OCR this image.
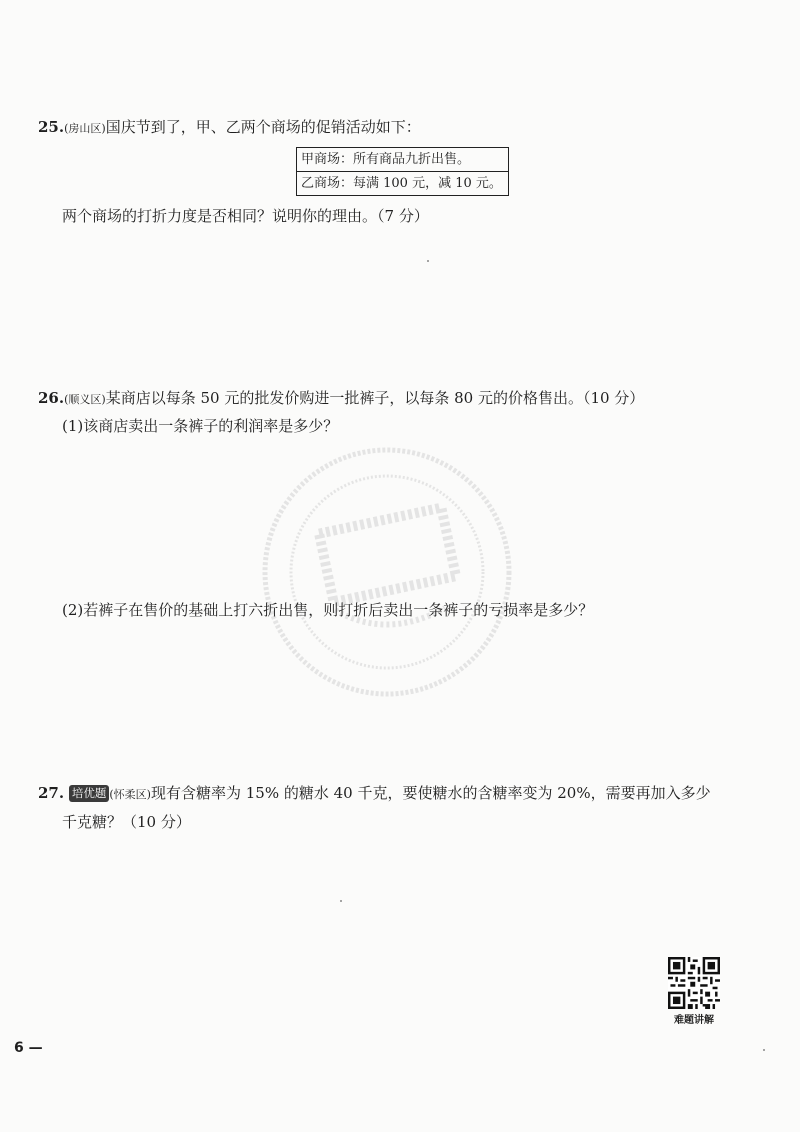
25.(房山区)国庆节到了，甲、乙两个商场的促销活动如下：
甲商场：所有商品九折出售。
乙商场：每满 100 元，减 10 元。
两个商场的打折力度是否相同？说明你的理由。（7 分）
26.(顺义区)某商店以每条 50 元的批发价购进一批裤子，以每条 80 元的价格售出。（10 分）
(1)该商店卖出一条裤子的利润率是多少？
(2)若裤子在售价的基础上打六折出售，则打折后卖出一条裤子的亏损率是多少？
27. 培优题 (怀柔区)现有含糖率为 15% 的糖水 40 千克，要使糖水的含糖率变为 20%，需要再加入多少
千克糖？（10 分）
难题讲解
6 —
